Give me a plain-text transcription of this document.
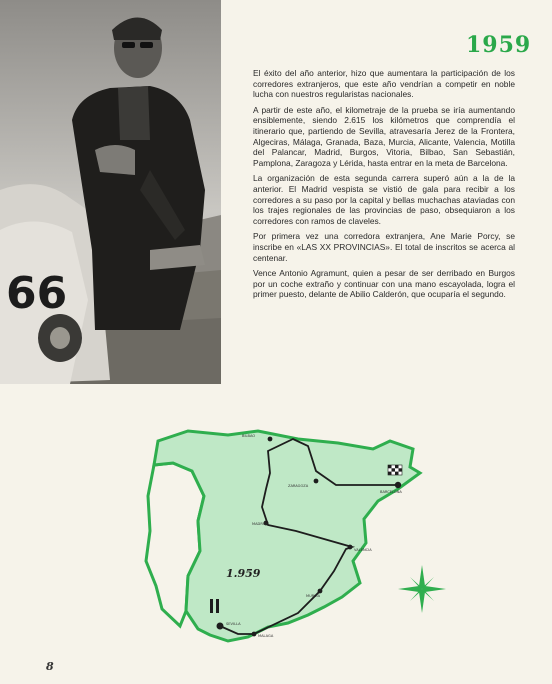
66
1959

El éxito del año anterior, hizo que aumentara la participación de los corredores extranjeros, que este año vendrían a competir en noble lucha con nuestros regularistas nacionales.

A partir de este año, el kilometraje de la prueba se iría aumentando ensiblemente, siendo 2.615 los kilómetros que comprendía el itinerario que, partiendo de Sevilla, atravesaría Jerez de la Frontera, Algeciras, Málaga, Granada, Baza, Murcia, Alicante, Valencia, Motilla del Palancar, Madrid, Burgos, Vitoria, Bilbao, San Sebastián, Pamplona, Zaragoza y Lérida, hasta entrar en la meta de Barcelona.

La organización de esta segunda carrera superó aún a la de la anterior. El Madrid vespista se vistió de gala para recibir a los corredores a su paso por la capital y bellas muchachas ataviadas con los trajes regionales de las provincias de paso, obsequiaron a los corredores con ramos de claveles.

Por primera vez una corredora extranjera, Ane Marie Porcy, se inscribe en «LAS XX PROVINCIAS». El total de inscritos se acerca al centenar.

Vence Antonio Agramunt, quien a pesar de ser derribado en Burgos por un coche extraño y continuar con una mano escayolada, logra el primer puesto, delante de Abilio Calderón, que ocuparía el segundo.

BILBAO
ZARAGOZA
BARCELONA
MADRID
VALENCIA
MURCIA
SEVILLA
MALAGA
1.959
8
